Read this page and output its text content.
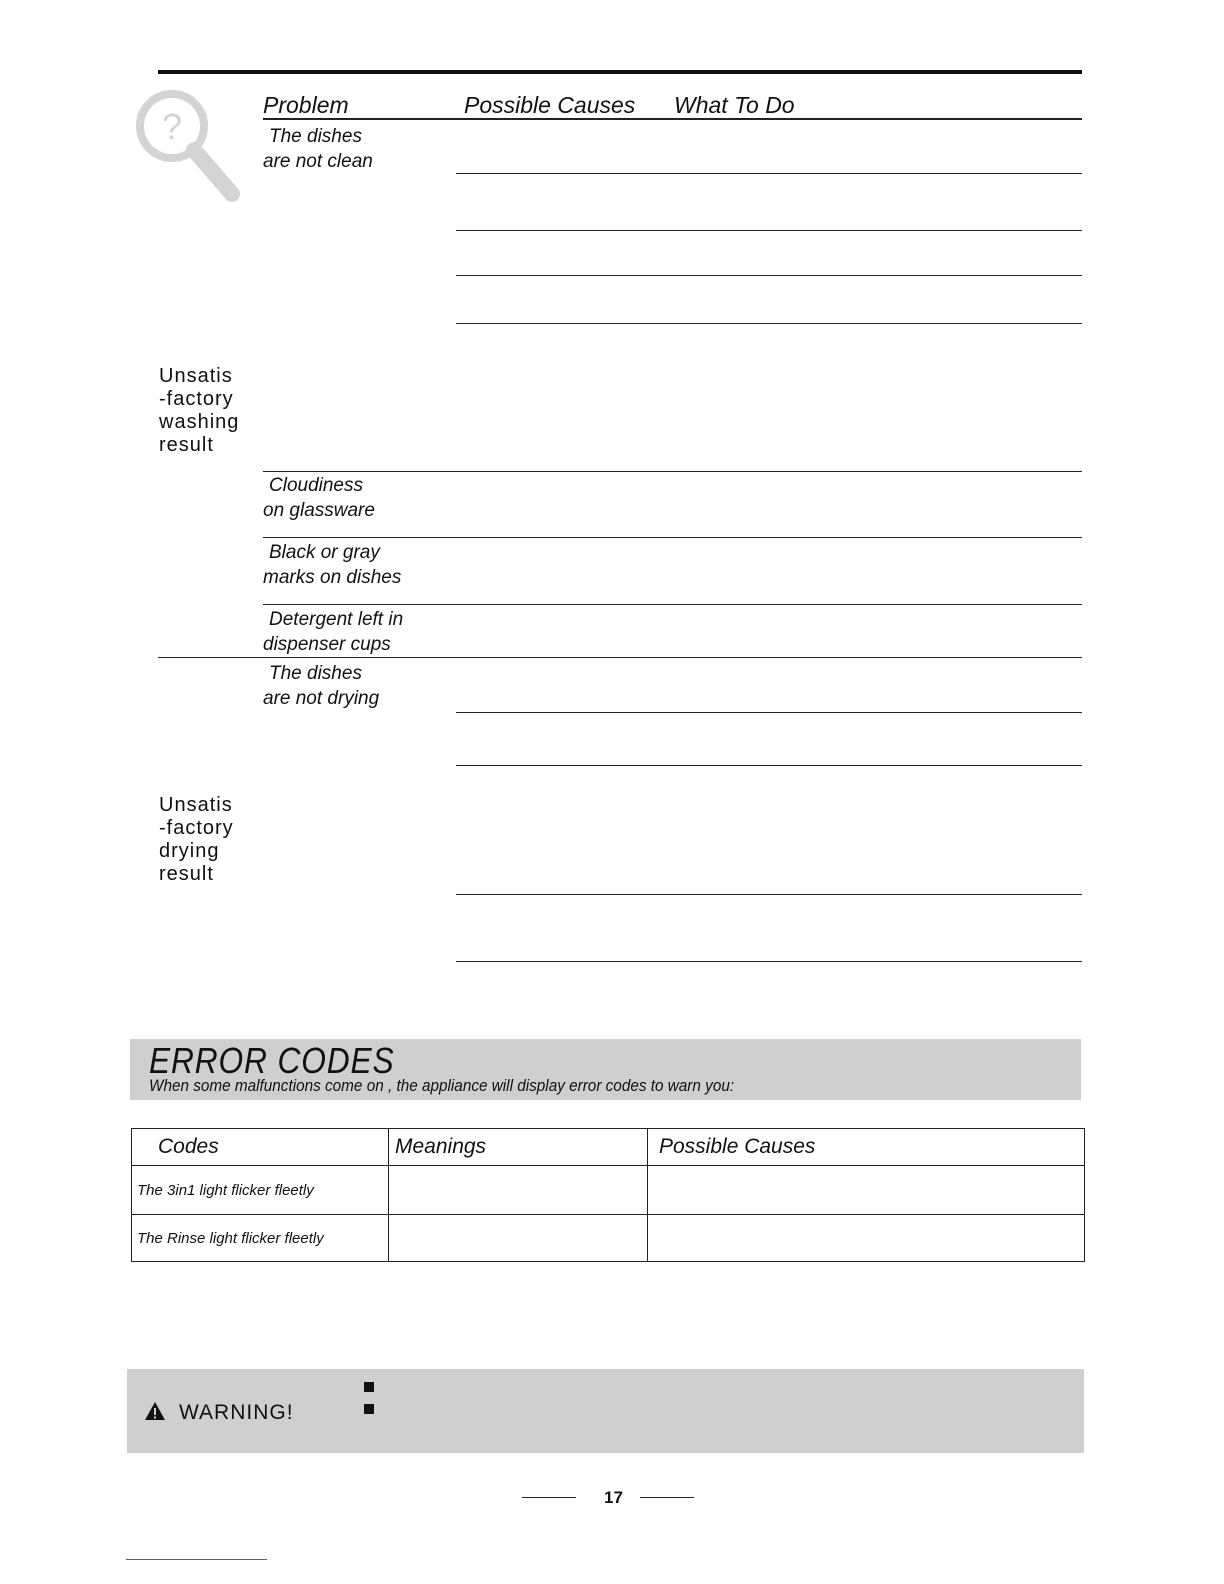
?
Problem	Possible Causes What To Do
The dishes
are not clean
Unsatis
-factory
washing
result
Cloudiness
on glassware
Black or gray
marks on dishes
Detergent left in
dispenser cups
The dishes
are not drying
Unsatis
-factory
drying
result
ERROR CODES
When some malfunctions come on , the appliance will display error codes to warn you:
Codes	Meanings	Possible Causes
The 3in1 light flicker fleetly		
The Rinse light flicker fleetly		
WARNING!
17
